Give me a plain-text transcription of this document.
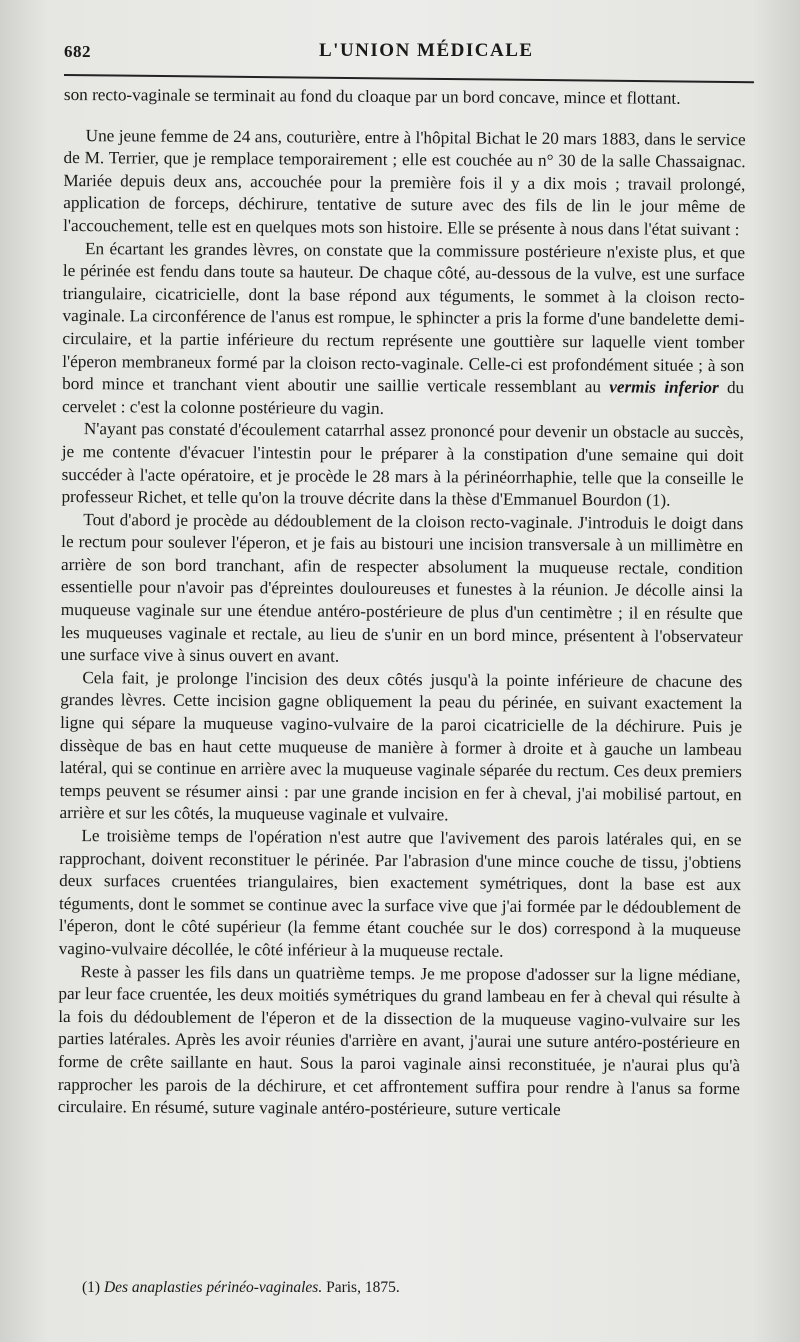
682	L'UNION MÉDICALE

son recto-vaginale se terminait au fond du cloaque par un bord concave, mince et flottant.

Une jeune femme de 24 ans, couturière, entre à l'hôpital Bichat le 20 mars 1883, dans le service de M. Terrier, que je remplace temporairement ; elle est couchée au n° 30 de la salle Chassaignac. Mariée depuis deux ans, accouchée pour la première fois il y a dix mois ; travail prolongé, application de forceps, déchirure, tentative de suture avec des fils de lin le jour même de l'accouchement, telle est en quelques mots son histoire. Elle se présente à nous dans l'état suivant :

En écartant les grandes lèvres, on constate que la commissure postérieure n'existe plus, et que le périnée est fendu dans toute sa hauteur. De chaque côté, au-dessous de la vulve, est une surface triangulaire, cicatricielle, dont la base répond aux téguments, le sommet à la cloison recto-vaginale. La circonférence de l'anus est rompue, le sphincter a pris la forme d'une bandelette demi-circulaire, et la partie inférieure du rectum représente une gouttière sur laquelle vient tomber l'éperon membraneux formé par la cloison recto-vaginale. Celle-ci est profondément située ; à son bord mince et tranchant vient aboutir une saillie verticale ressemblant au vermis inferior du cervelet : c'est la colonne postérieure du vagin.

N'ayant pas constaté d'écoulement catarrhal assez prononcé pour devenir un obstacle au succès, je me contente d'évacuer l'intestin pour le préparer à la constipation d'une semaine qui doit succéder à l'acte opératoire, et je procède le 28 mars à la périnéorrhaphie, telle que la conseille le professeur Richet, et telle qu'on la trouve décrite dans la thèse d'Emmanuel Bourdon (1).

Tout d'abord je procède au dédoublement de la cloison recto-vaginale. J'introduis le doigt dans le rectum pour soulever l'éperon, et je fais au bistouri une incision transversale à un millimètre en arrière de son bord tranchant, afin de respecter absolument la muqueuse rectale, condition essentielle pour n'avoir pas d'épreintes douloureuses et funestes à la réunion. Je décolle ainsi la muqueuse vaginale sur une étendue antéro-postérieure de plus d'un centimètre ; il en résulte que les muqueuses vaginale et rectale, au lieu de s'unir en un bord mince, présentent à l'observateur une surface vive à sinus ouvert en avant.

Cela fait, je prolonge l'incision des deux côtés jusqu'à la pointe inférieure de chacune des grandes lèvres. Cette incision gagne obliquement la peau du périnée, en suivant exactement la ligne qui sépare la muqueuse vagino-vulvaire de la paroi cicatricielle de la déchirure. Puis je dissèque de bas en haut cette muqueuse de manière à former à droite et à gauche un lambeau latéral, qui se continue en arrière avec la muqueuse vaginale séparée du rectum. Ces deux premiers temps peuvent se résumer ainsi : par une grande incision en fer à cheval, j'ai mobilisé partout, en arrière et sur les côtés, la muqueuse vaginale et vulvaire.

Le troisième temps de l'opération n'est autre que l'avivement des parois latérales qui, en se rapprochant, doivent reconstituer le périnée. Par l'abrasion d'une mince couche de tissu, j'obtiens deux surfaces cruentées triangulaires, bien exactement symétriques, dont la base est aux téguments, dont le sommet se continue avec la surface vive que j'ai formée par le dédoublement de l'éperon, dont le côté supérieur (la femme étant couchée sur le dos) correspond à la muqueuse vagino-vulvaire décollée, le côté inférieur à la muqueuse rectale.

Reste à passer les fils dans un quatrième temps. Je me propose d'adosser sur la ligne médiane, par leur face cruentée, les deux moitiés symétriques du grand lambeau en fer à cheval qui résulte à la fois du dédoublement de l'éperon et de la dissection de la muqueuse vagino-vulvaire sur les parties latérales. Après les avoir réunies d'arrière en avant, j'aurai une suture antéro-postérieure en forme de crête saillante en haut. Sous la paroi vaginale ainsi reconstituée, je n'aurai plus qu'à rapprocher les parois de la déchirure, et cet affrontement suffira pour rendre à l'anus sa forme circulaire. En résumé, suture vaginale antéro-postérieure, suture verticale

(1) Des anaplasties périnéo-vaginales. Paris, 1875.
